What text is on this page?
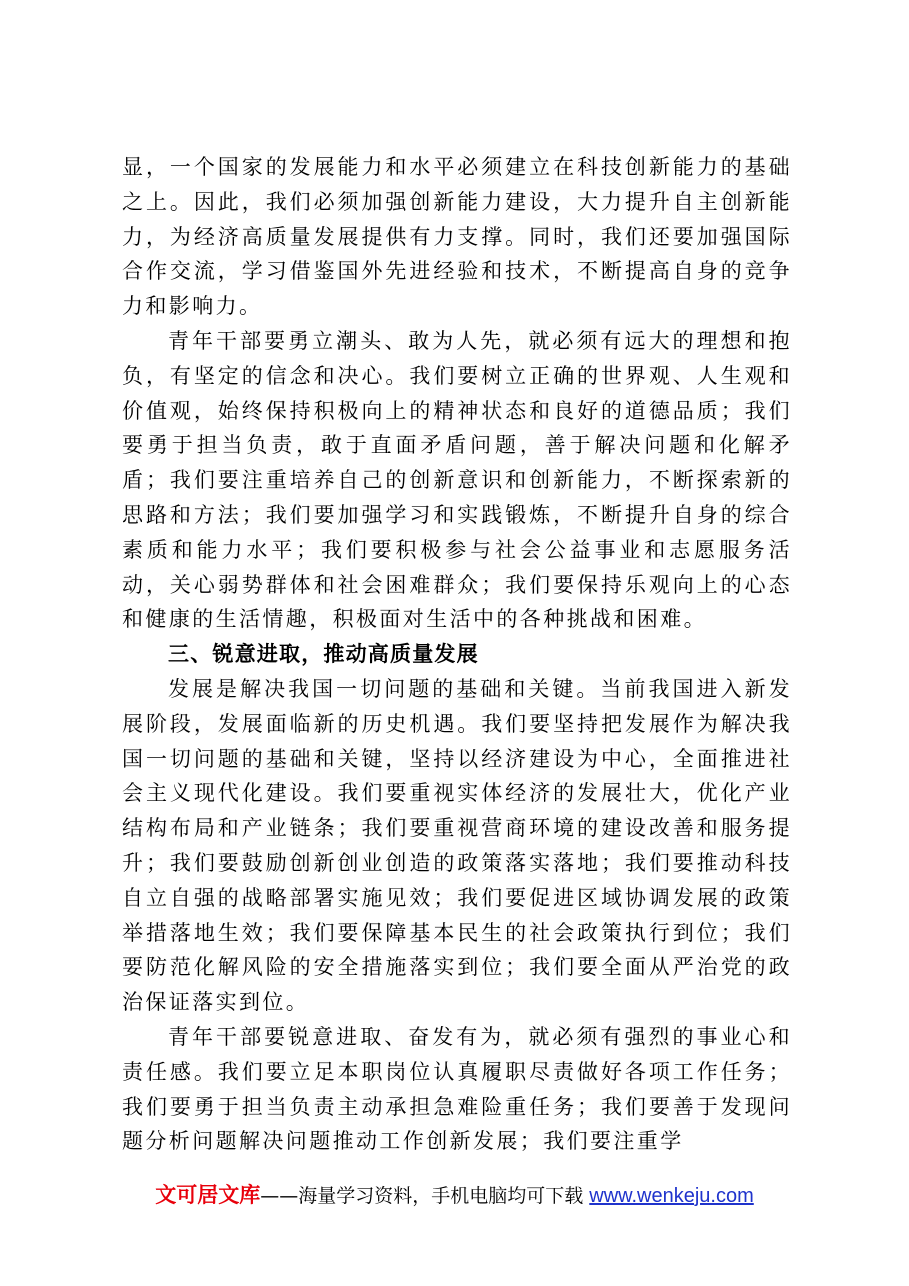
显，一个国家的发展能力和水平必须建立在科技创新能力的基础之上。因此，我们必须加强创新能力建设，大力提升自主创新能力，为经济高质量发展提供有力支撑。同时，我们还要加强国际合作交流，学习借鉴国外先进经验和技术，不断提高自身的竞争力和影响力。

青年干部要勇立潮头、敢为人先，就必须有远大的理想和抱负，有坚定的信念和决心。我们要树立正确的世界观、人生观和价值观，始终保持积极向上的精神状态和良好的道德品质；我们要勇于担当负责，敢于直面矛盾问题，善于解决问题和化解矛盾；我们要注重培养自己的创新意识和创新能力，不断探索新的思路和方法；我们要加强学习和实践锻炼，不断提升自身的综合素质和能力水平；我们要积极参与社会公益事业和志愿服务活动，关心弱势群体和社会困难群众；我们要保持乐观向上的心态和健康的生活情趣，积极面对生活中的各种挑战和困难。

三、锐意进取，推动高质量发展

发展是解决我国一切问题的基础和关键。当前我国进入新发展阶段，发展面临新的历史机遇。我们要坚持把发展作为解决我国一切问题的基础和关键，坚持以经济建设为中心，全面推进社会主义现代化建设。我们要重视实体经济的发展壮大，优化产业结构布局和产业链条；我们要重视营商环境的建设改善和服务提升；我们要鼓励创新创业创造的政策落实落地；我们要推动科技自立自强的战略部署实施见效；我们要促进区域协调发展的政策举措落地生效；我们要保障基本民生的社会政策执行到位；我们要防范化解风险的安全措施落实到位；我们要全面从严治党的政治保证落实到位。

青年干部要锐意进取、奋发有为，就必须有强烈的事业心和责任感。我们要立足本职岗位认真履职尽责做好各项工作任务；我们要勇于担当负责主动承担急难险重任务；我们要善于发现问题分析问题解决问题推动工作创新发展；我们要注重学

文可居文库——海量学习资料，手机电脑均可下载 www.wenkeju.com
